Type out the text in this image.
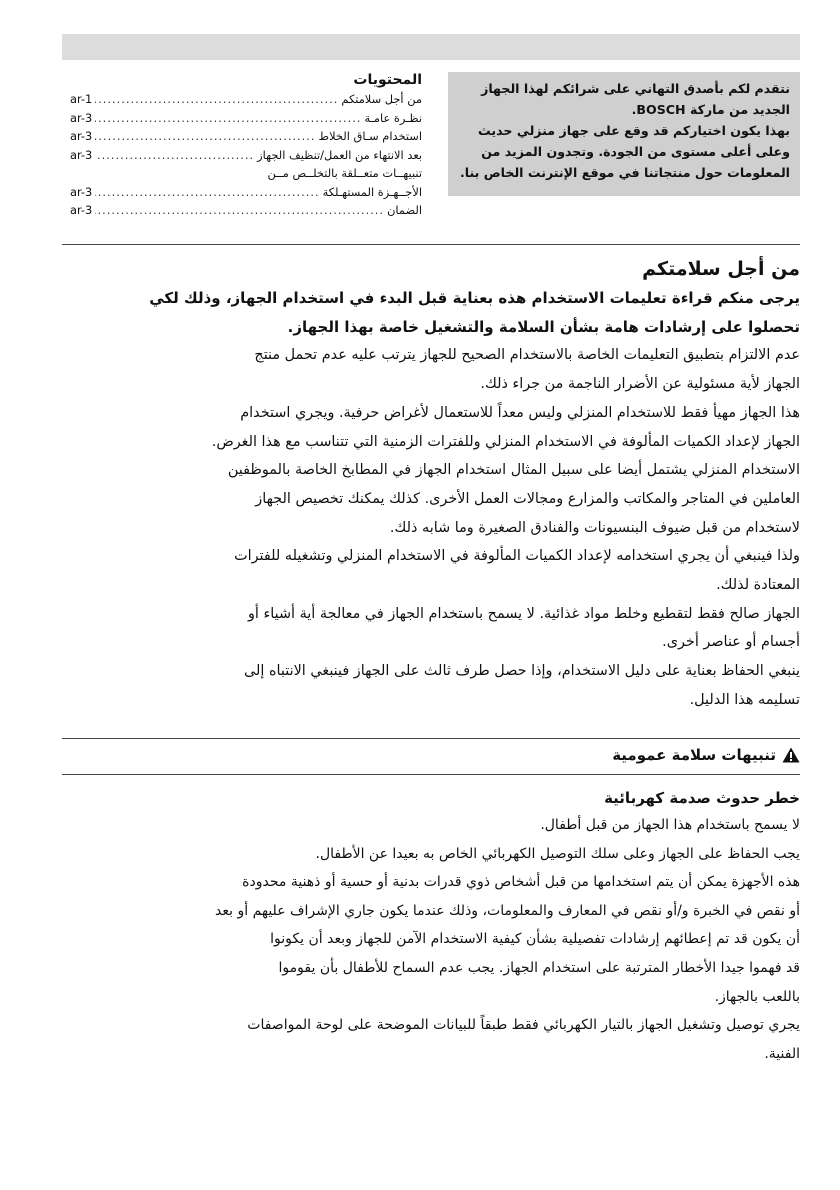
نتقدم لكم بأصدق التهاني على شرائكم لهذا الجهاز
الجديد من ماركة BOSCH.
بهذا يكون اختياركم قد وقع على جهاز منزلي حديث
وعلى أعلى مستوى من الجودة. وتجدون المزيد من
المعلومات حول منتجاتنا في موقع الإنترنت الخاص بنا.
المحتويات
من أجل سلامتكم
.....
ar-1
نظـرة عامـة
.....
ar-3
استخدام سـاق الخلاط
.....
ar-3
بعد الانتهاء من العمل/تنظيف الجهاز
.....
ar-3
تنبيهــات متعــلقة بالتخلــص مــن
الأجــهـزة المستهـلكة
.....
ar-3
الضمان
.....
ar-3
من أجل سلامتكم
يرجى منكم قراءة تعليمات الاستخدام هذه بعناية قبل البدء في استخدام الجهاز، وذلك لكي
تحصلوا على إرشادات هامة بشأن السلامة والتشغيل خاصة بهذا الجهاز.
عدم الالتزام بتطبيق التعليمات الخاصة بالاستخدام الصحيح للجهاز يترتب عليه عدم تحمل منتج
الجهاز لأية مسئولية عن الأضرار الناجمة من جراء ذلك.
هذا الجهاز مهيأ فقط للاستخدام المنزلي وليس معداً للاستعمال لأغراض حرفية. ويجري استخدام
الجهاز لإعداد الكميات المألوفة في الاستخدام المنزلي وللفترات الزمنية التي تتناسب مع هذا الغرض.
الاستخدام المنزلي يشتمل أيضا على سبيل المثال استخدام الجهاز في المطابخ الخاصة بالموظفين
العاملين في المتاجر والمكاتب والمزارع ومجالات العمل الأخرى. كذلك يمكنك تخصيص الجهاز
لاستخدام من قبل ضيوف البنسيونات والفنادق الصغيرة وما شابه ذلك.
ولذا فينبغي أن يجري استخدامه لإعداد الكميات المألوفة في الاستخدام المنزلي وتشغيله للفترات
المعتادة لذلك.
الجهاز صالح فقط لتقطيع وخلط مواد غذائية. لا يسمح باستخدام الجهاز في معالجة أية أشياء أو
أجسام أو عناصر أخرى.
ينبغي الحفاظ بعناية على دليل الاستخدام، وإذا حصل طرف ثالث على الجهاز فينبغي الانتباه إلى
تسليمه هذا الدليل.
تنبيهات سلامة عمومية
خطر حدوث صدمة كهربائية
لا يسمح باستخدام هذا الجهاز من قبل أطفال.
يجب الحفاظ على الجهاز وعلى سلك التوصيل الكهربائي الخاص به بعيدا عن الأطفال.
هذه الأجهزة يمكن أن يتم استخدامها من قبل أشخاص ذوي قدرات بدنية أو حسية أو ذهنية محدودة
أو نقص في الخبرة و/أو نقص في المعارف والمعلومات، وذلك عندما يكون جاري الإشراف عليهم أو بعد
أن يكون قد تم إعطائهم إرشادات تفصيلية بشأن كيفية الاستخدام الآمن للجهاز وبعد أن يكونوا
قد فهموا جيدا الأخطار المترتبة على استخدام الجهاز. يجب عدم السماح للأطفال بأن يقوموا
باللعب بالجهاز.
يجري توصيل وتشغيل الجهاز بالتيار الكهربائي فقط طبقاً للبيانات الموضحة على لوحة المواصفات
الفنية.
